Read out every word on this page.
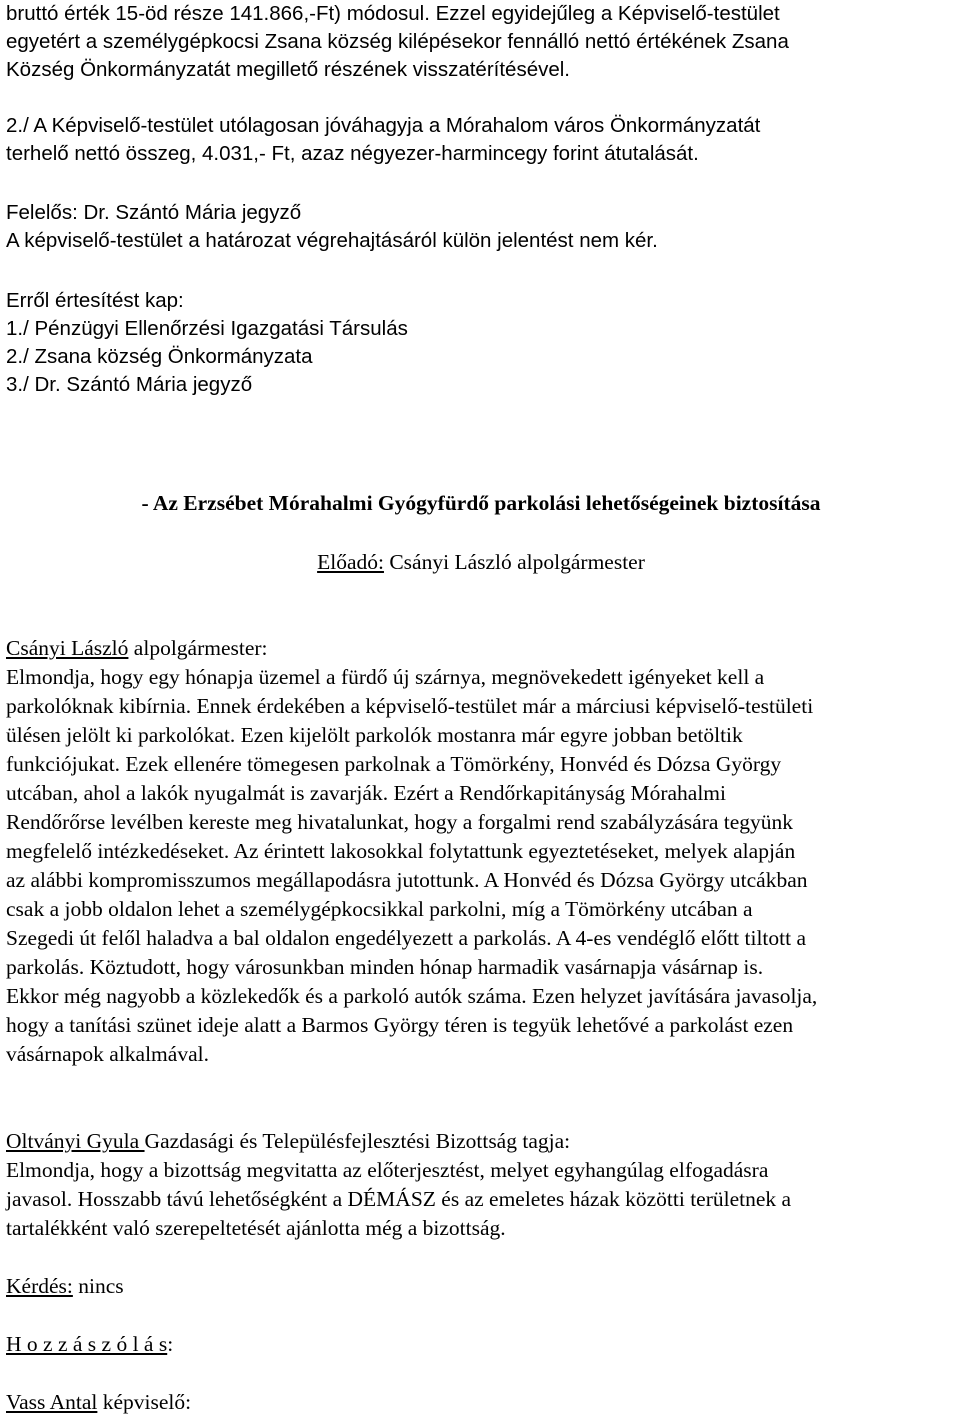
bruttó érték 15-öd része 141.866,-Ft) módosul. Ezzel egyidejűleg a Képviselő-testület
egyetért a személygépkocsi Zsana község kilépésekor fennálló nettó értékének Zsana
Község Önkormányzatát megillető részének visszatérítésével.
2./ A Képviselő-testület utólagosan jóváhagyja a Mórahalom város Önkormányzatát
terhelő nettó összeg, 4.031,- Ft, azaz négyezer-harmincegy forint átutalását.
Felelős: Dr. Szántó Mária jegyző
A képviselő-testület a határozat végrehajtásáról külön jelentést nem kér.
Erről értesítést kap:
1./ Pénzügyi Ellenőrzési Igazgatási Társulás
2./ Zsana község Önkormányzata
3./ Dr. Szántó Mária jegyző
- Az Erzsébet Mórahalmi Gyógyfürdő parkolási lehetőségeinek biztosítása
Előadó: Csányi László alpolgármester
Csányi László alpolgármester:
Elmondja, hogy egy hónapja üzemel a fürdő új szárnya, megnövekedett igényeket kell a
parkolóknak kibírnia. Ennek érdekében a képviselő-testület már a márciusi képviselő-testületi
ülésen jelölt ki parkolókat. Ezen kijelölt parkolók mostanra már egyre jobban betöltik
funkciójukat. Ezek ellenére tömegesen parkolnak a Tömörkény, Honvéd és Dózsa György
utcában, ahol a lakók nyugalmát is zavarják. Ezért a Rendőrkapitányság Mórahalmi
Rendőrőrse levélben kereste meg hivatalunkat, hogy a forgalmi rend szabályzására tegyünk
megfelelő intézkedéseket. Az érintett lakosokkal folytattunk egyeztetéseket, melyek alapján
az alábbi kompromisszumos megállapodásra jutottunk. A Honvéd és Dózsa György utcákban
csak a jobb oldalon lehet a személygépkocsikkal parkolni, míg a Tömörkény utcában a
Szegedi út felől haladva a bal oldalon engedélyezett a parkolás. A 4-es vendéglő előtt tiltott a
parkolás. Köztudott, hogy városunkban minden hónap harmadik vasárnapja vásárnap is.
Ekkor még nagyobb a közlekedők és a parkoló autók száma. Ezen helyzet javítására javasolja,
hogy a tanítási szünet ideje alatt a Barmos György téren is tegyük lehetővé a parkolást ezen
vásárnapok alkalmával.
Oltványi Gyula Gazdasági és Településfejlesztési Bizottság tagja:
Elmondja, hogy a bizottság megvitatta az előterjesztést, melyet egyhangúlag elfogadásra
javasol. Hosszabb távú lehetőségként a DÉMÁSZ és az emeletes házak közötti területnek a
tartalékként való szerepeltetését ajánlotta még a bizottság.
Kérdés: nincs
H o z z á s z ó l á s:
Vass Antal képviselő:
